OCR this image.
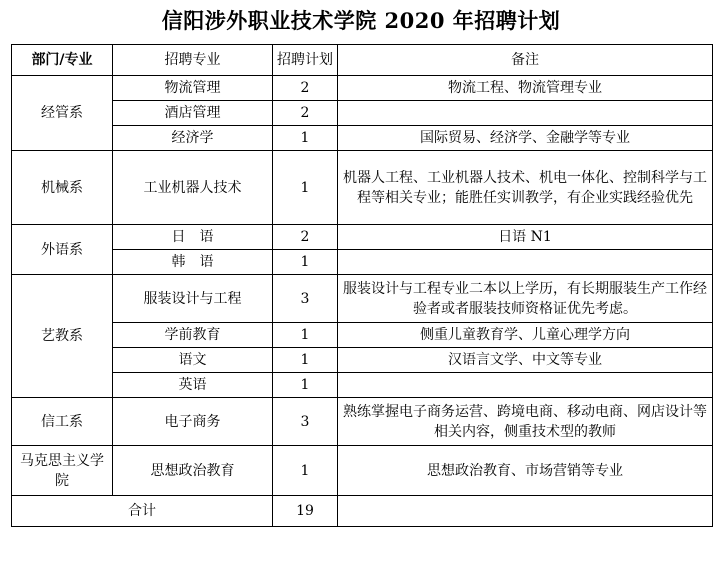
信阳涉外职业技术学院 2020 年招聘计划
部门/专业	招聘专业	招聘计划	备注
经管系	物流管理	2	物流工程、物流管理专业
	酒店管理	2	
	经济学	1	国际贸易、经济学、金融学等专业
机械系	工业机器人技术	1	机器人工程、工业机器人技术、机电一体化、控制科学与工程等相关专业；能胜任实训教学，有企业实践经验优先
外语系	日　语	2	日语 N1
	韩　语	1	
艺教系	服装设计与工程	3	服装设计与工程专业二本以上学历，有长期服装生产工作经验者或者服装技师资格证优先考虑。
	学前教育	1	侧重儿童教育学、儿童心理学方向
	语文	1	汉语言文学、中文等专业
	英语	1	
信工系	电子商务	3	熟练掌握电子商务运营、跨境电商、移动电商、网店设计等相关内容，侧重技术型的教师
马克思主义学院	思想政治教育	1	思想政治教育、市场营销等专业
合计		19	
